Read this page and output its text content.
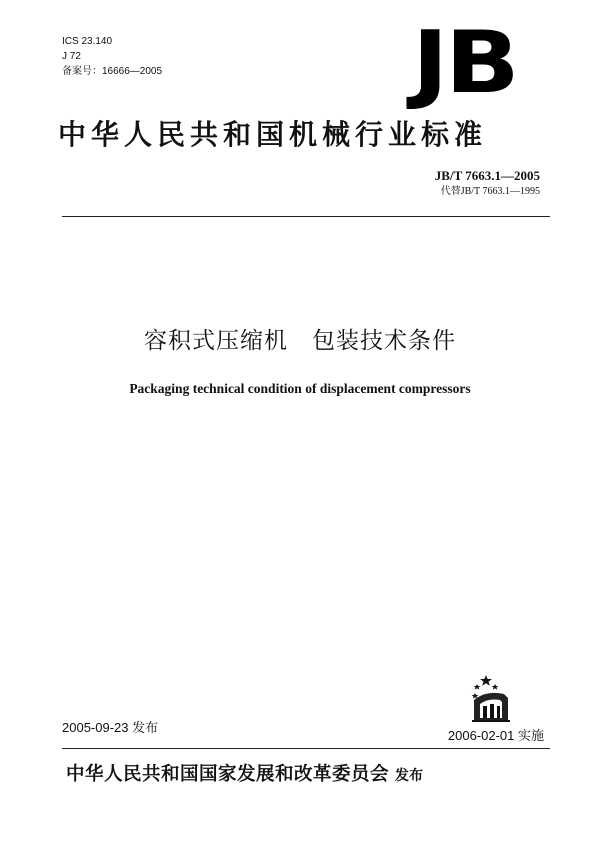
ICS 23.140
J 72
备案号：16666—2005	JB
中华人民共和国机械行业标准
JB/T 7663.1—2005
代替JB/T 7663.1—1995
容积式压缩机　包装技术条件
Packaging technical condition of displacement compressors
2005-09-23 发布
2006-02-01 实施
中华人民共和国国家发展和改革委员会 发布
